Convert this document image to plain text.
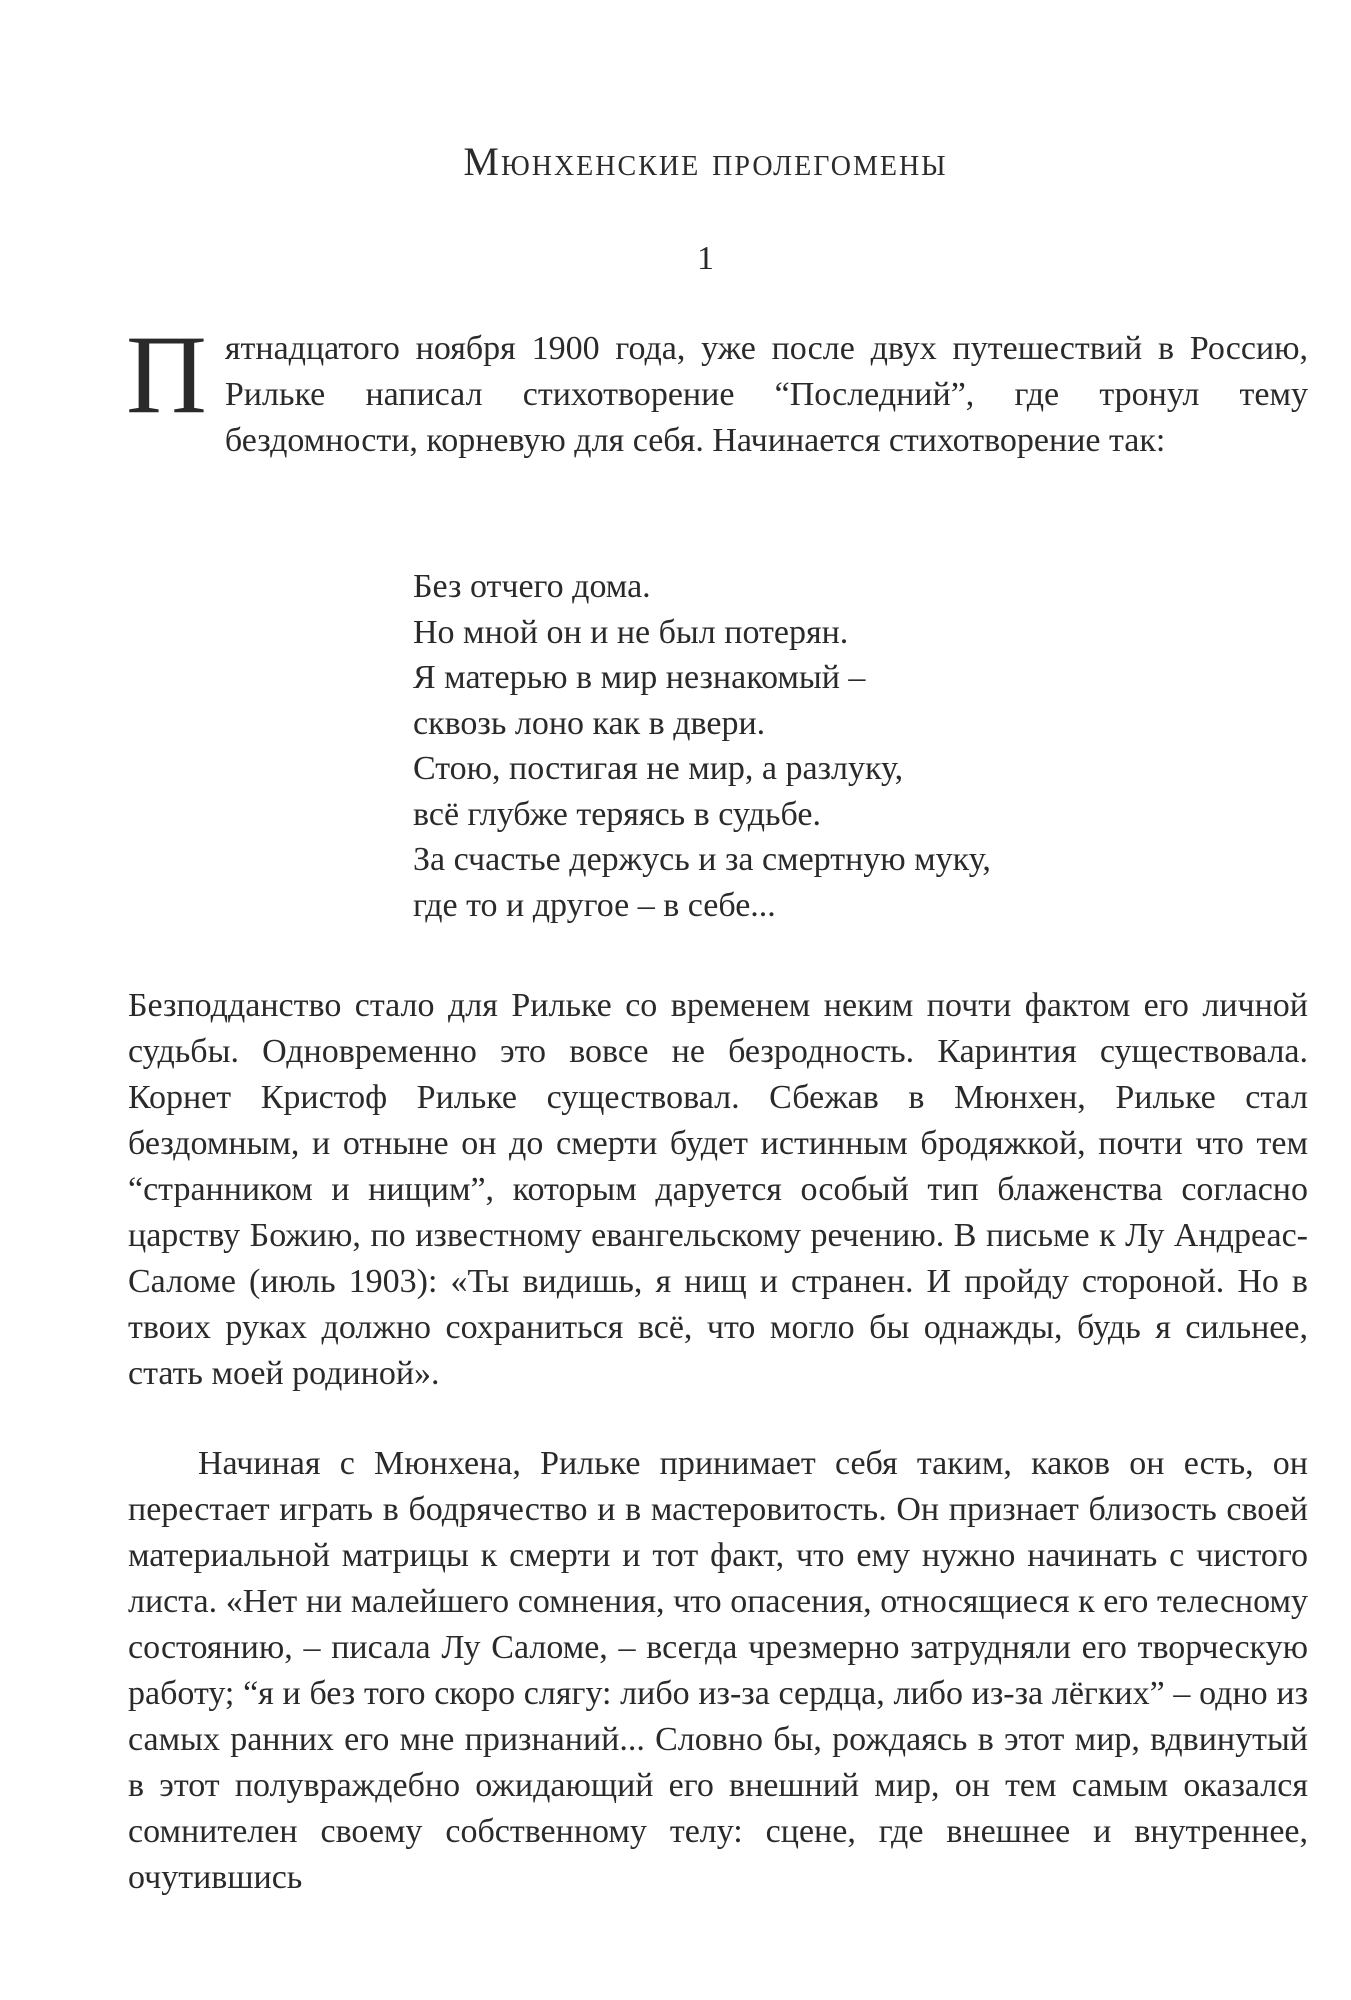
Мюнхенские пролегомены
1

П ятнадцатого ноября 1900 года, уже после двух путешествий в Россию, Рильке написал стихотворение “Последний”, где тронул тему бездомности, корневую для себя. Начинается стихотворение так:

Без отчего дома.
Но мной он и не был потерян.
Я матерью в мир незнакомый –
сквозь лоно как в двери.
Стою, постигая не мир, а разлуку,
всё глубже теряясь в судьбе.
За счастье держусь и за смертную муку,
где то и другое – в себе...

Безподданство стало для Рильке со временем неким почти фактом его личной судьбы. Одновременно это вовсе не безродность. Каринтия существовала. Корнет Кристоф Рильке существовал. Сбежав в Мюнхен, Рильке стал бездомным, и отныне он до смерти будет истинным бродяжкой, почти что тем “странником и нищим”, которым даруется особый тип блаженства согласно царству Божию, по известному евангельскому речению. В письме к Лу Андреас-Саломе (июль 1903): «Ты видишь, я нищ и странен. И пройду стороной. Но в твоих руках должно сохраниться всё, что могло бы однажды, будь я сильнее, стать моей родиной».

Начиная с Мюнхена, Рильке принимает себя таким, каков он есть, он перестает играть в бодрячество и в мастеровитость. Он признает близость своей материальной матрицы к смерти и тот факт, что ему нужно начинать с чистого листа. «Нет ни малейшего сомнения, что опасения, относящиеся к его телесному состоянию, – писала Лу Саломе, – всегда чрезмерно затрудняли его творческую работу; “я и без того скоро слягу: либо из-за сердца, либо из-за лёгких” – одно из самых ранних его мне признаний... Словно бы, рождаясь в этот мир, вдвинутый в этот полувраждебно ожидающий его внешний мир, он тем самым оказался сомнителен своему собственному телу: сцене, где внешнее и внутреннее, очутившись
